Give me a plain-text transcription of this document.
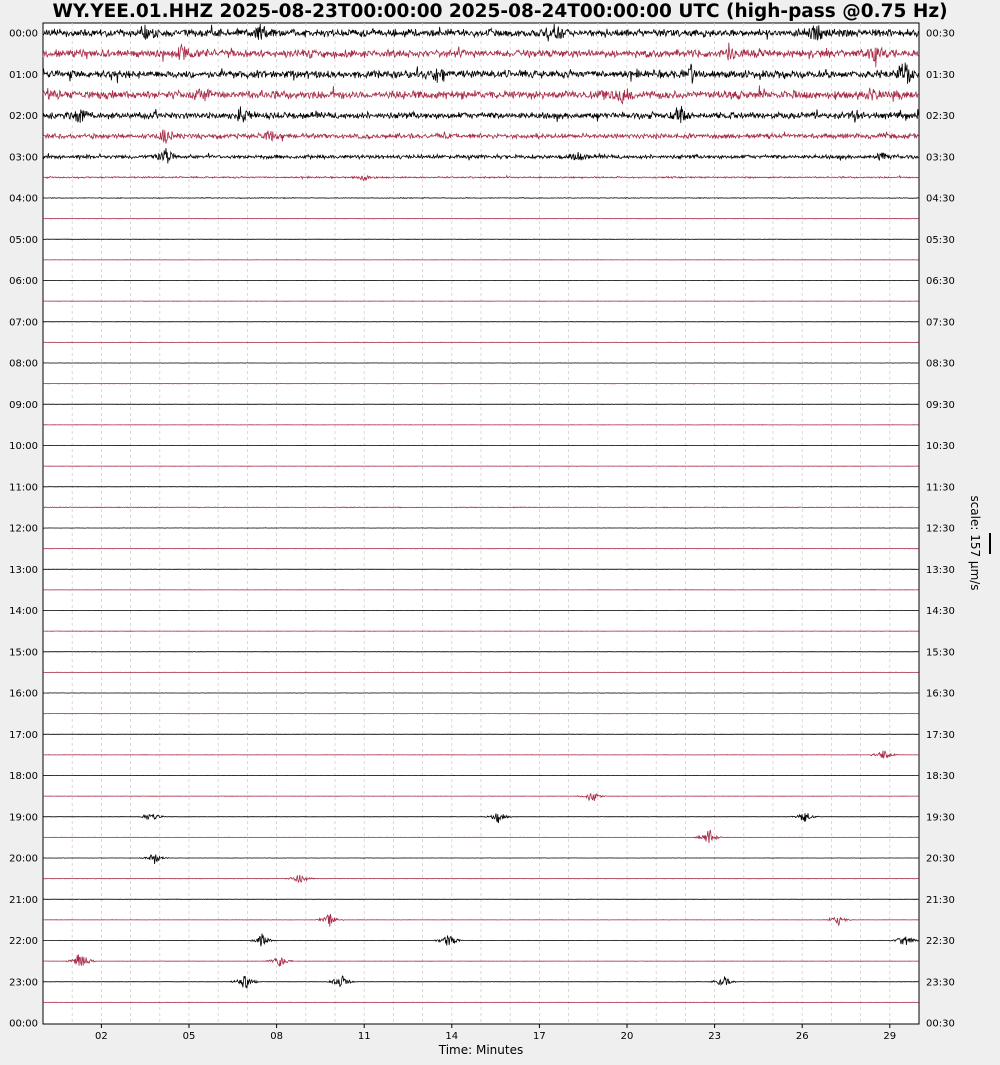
WY.YEE.01.HHZ 2025-08-23T00:00:00 2025-08-24T00:00:00 UTC (high-pass @0.75 Hz)
00:00
01:00
02:00
03:00
04:00
05:00
06:00
07:00
08:00
09:00
10:00
11:00
12:00
13:00
14:00
15:00
16:00
17:00
18:00
19:00
20:00
21:00
22:00
23:00
00:00
00:30
01:30
02:30
03:30
04:30
05:30
06:30
07:30
08:30
09:30
10:30
11:30
12:30
13:30
14:30
15:30
16:30
17:30
18:30
19:30
20:30
21:30
22:30
23:30
00:30
02	05	08	11	14	17	20	23	26	29
Time: Minutes
scale: 157 μm/s
